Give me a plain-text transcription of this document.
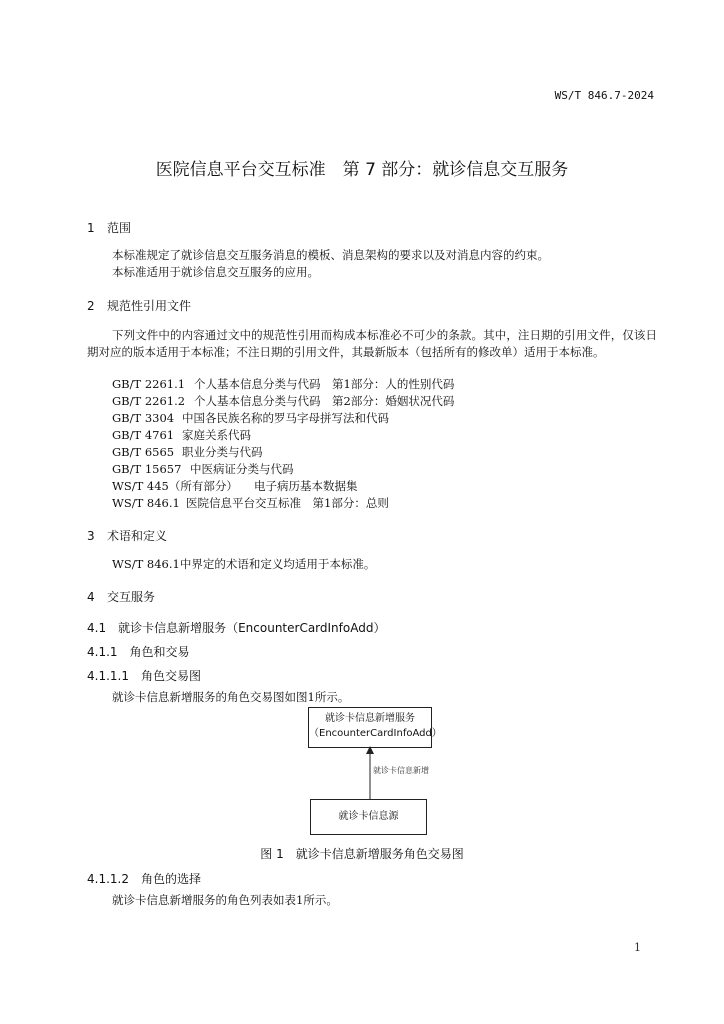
WS/T 846.7-2024
医院信息平台交互标准　第 7 部分：就诊信息交互服务
1 范围
本标准规定了就诊信息交互服务消息的模板、消息架构的要求以及对消息内容的约束。
本标准适用于就诊信息交互服务的应用。
2 规范性引用文件
下列文件中的内容通过文中的规范性引用而构成本标准必不可少的条款。其中，注日期的引用文件，仅该日期对应的版本适用于本标准；不注日期的引用文件，其最新版本（包括所有的修改单）适用于本标准。
GB/T 2261.1 个人基本信息分类与代码　第1部分：人的性别代码
GB/T 2261.2 个人基本信息分类与代码　第2部分：婚姻状况代码
GB/T 3304 中国各民族名称的罗马字母拼写法和代码
GB/T 4761 家庭关系代码
GB/T 6565 职业分类与代码
GB/T 15657 中医病证分类与代码
WS/T 445（所有部分） 电子病历基本数据集
WS/T 846.1 医院信息平台交互标准　第1部分：总则
3 术语和定义
WS/T 846.1中界定的术语和定义均适用于本标准。
4 交互服务
4.1　就诊卡信息新增服务（EncounterCardInfoAdd）
4.1.1　角色和交易
4.1.1.1　角色交易图
就诊卡信息新增服务的角色交易图如图1所示。
就诊卡信息新增服务
（EncounterCardInfoAdd）
就诊卡信息新增
就诊卡信息源
图 1　就诊卡信息新增服务角色交易图
4.1.1.2　角色的选择
就诊卡信息新增服务的角色列表如表1所示。
1
